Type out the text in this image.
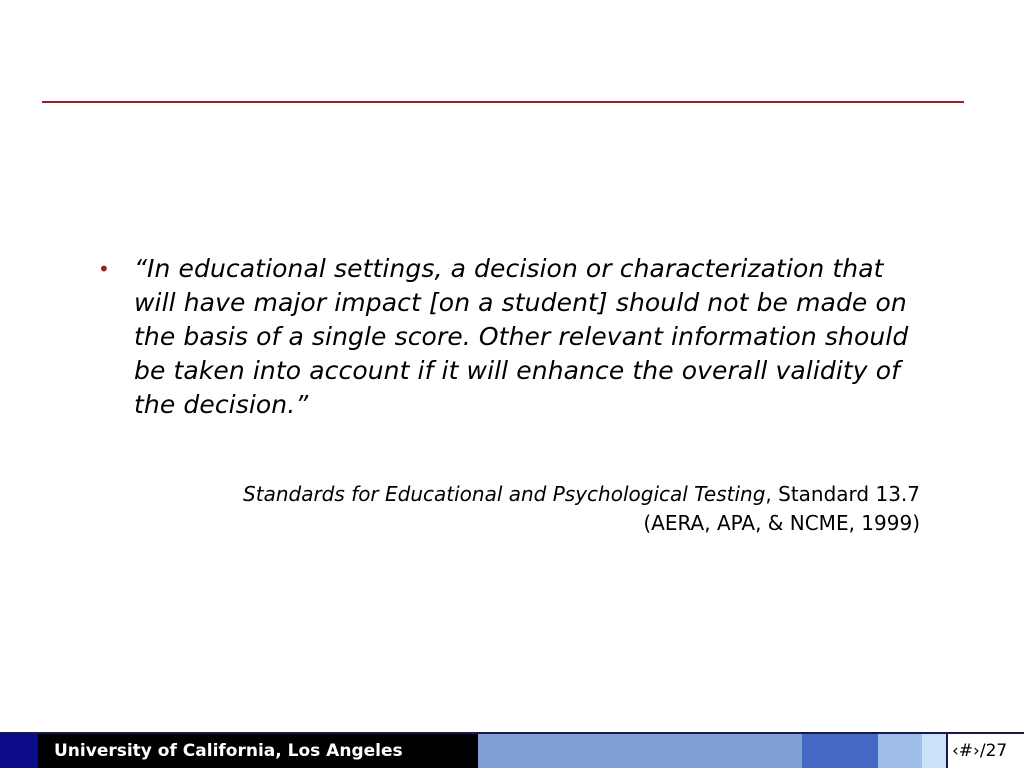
• “In educational settings, a decision or characterization that will have major impact [on a student] should not be made on the basis of a single score. Other relevant information should be taken into account if it will enhance the overall validity of the decision.”
Standards for Educational and Psychological Testing, Standard 13.7
(AERA, APA, & NCME, 1999)
University of California, Los Angeles	‹#›/27
